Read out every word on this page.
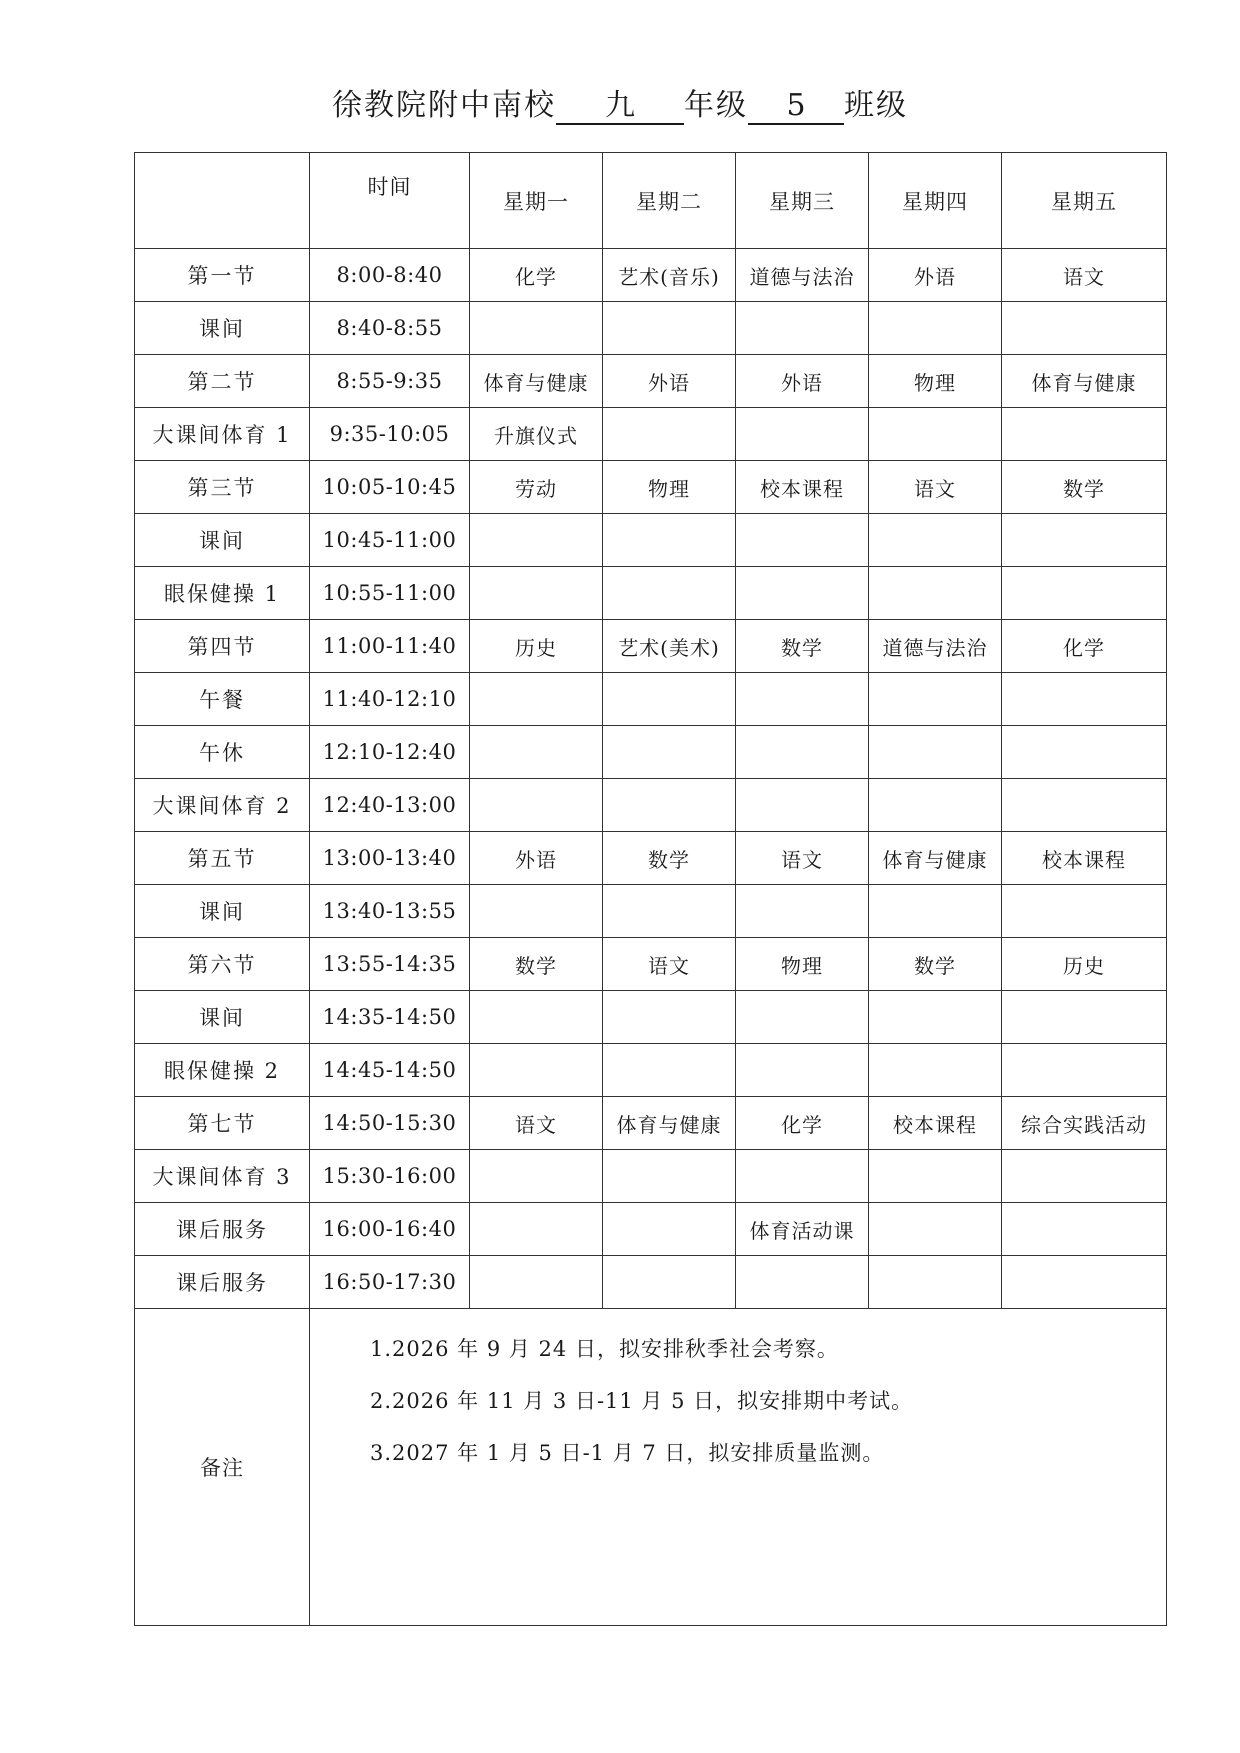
徐教院附中南校 九 年级 5 班级
	时间	星期一	星期二	星期三	星期四	星期五
第一节	8:00-8:40	化学	艺术(音乐)	道德与法治	外语	语文
课间	8:40-8:55					
第二节	8:55-9:35	体育与健康	外语	外语	物理	体育与健康
大课间体育 1	9:35-10:05	升旗仪式				
第三节	10:05-10:45	劳动	物理	校本课程	语文	数学
课间	10:45-11:00					
眼保健操 1	10:55-11:00					
第四节	11:00-11:40	历史	艺术(美术)	数学	道德与法治	化学
午餐	11:40-12:10					
午休	12:10-12:40					
大课间体育 2	12:40-13:00					
第五节	13:00-13:40	外语	数学	语文	体育与健康	校本课程
课间	13:40-13:55					
第六节	13:55-14:35	数学	语文	物理	数学	历史
课间	14:35-14:50					
眼保健操 2	14:45-14:50					
第七节	14:50-15:30	语文	体育与健康	化学	校本课程	综合实践活动
大课间体育 3	15:30-16:00					
课后服务	16:00-16:40			体育活动课		
课后服务	16:50-17:30					
备注	1.2026 年 9 月 24 日，拟安排秋季社会考察。
2.2026 年 11 月 3 日-11 月 5 日，拟安排期中考试。
3.2027 年 1 月 5 日-1 月 7 日，拟安排质量监测。					
